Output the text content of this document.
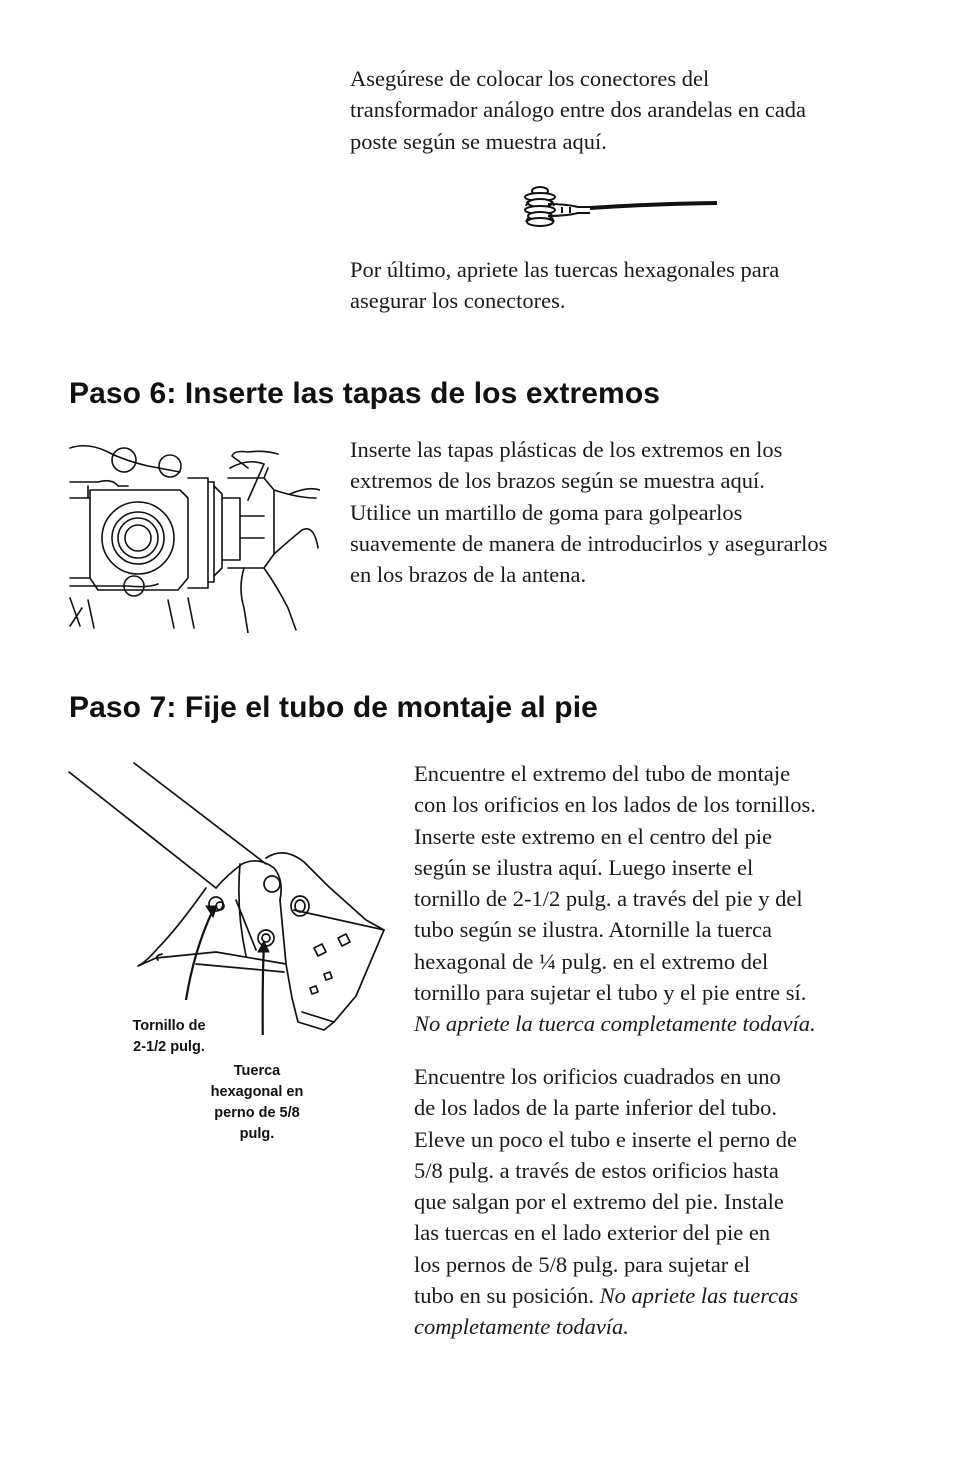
Asegúrese de colocar los conectores del
transformador análogo entre dos arandelas en cada
poste según se muestra aquí.

Por último, apriete las tuercas hexagonales para
asegurar los conectores.

Paso 6: Inserte las tapas de los extremos

Inserte las tapas plásticas de los extremos en los
extremos de los brazos según se muestra aquí.
Utilice un martillo de goma para golpearlos
suavemente de manera de introducirlos y asegurarlos
en los brazos de la antena.

Paso 7: Fije el tubo de montaje al pie

Tornillo de
2-1/2 pulg.

Tuerca
hexagonal en
perno de 5/8
pulg.

Encuentre el extremo del tubo de montaje
con los orificios en los lados de los tornillos.
Inserte este extremo en el centro del pie
según se ilustra aquí. Luego inserte el
tornillo de 2-1/2 pulg. a través del pie y del
tubo según se ilustra. Atornille la tuerca
hexagonal de ¼ pulg. en el extremo del
tornillo para sujetar el tubo y el pie entre sí.
No apriete la tuerca completamente todavía.

Encuentre los orificios cuadrados en uno
de los lados de la parte inferior del tubo.
Eleve un poco el tubo e inserte el perno de
5/8 pulg. a través de estos orificios hasta
que salgan por el extremo del pie. Instale
las tuercas en el lado exterior del pie en
los pernos de 5/8 pulg. para sujetar el
tubo en su posición. No apriete las tuercas
completamente todavía.
